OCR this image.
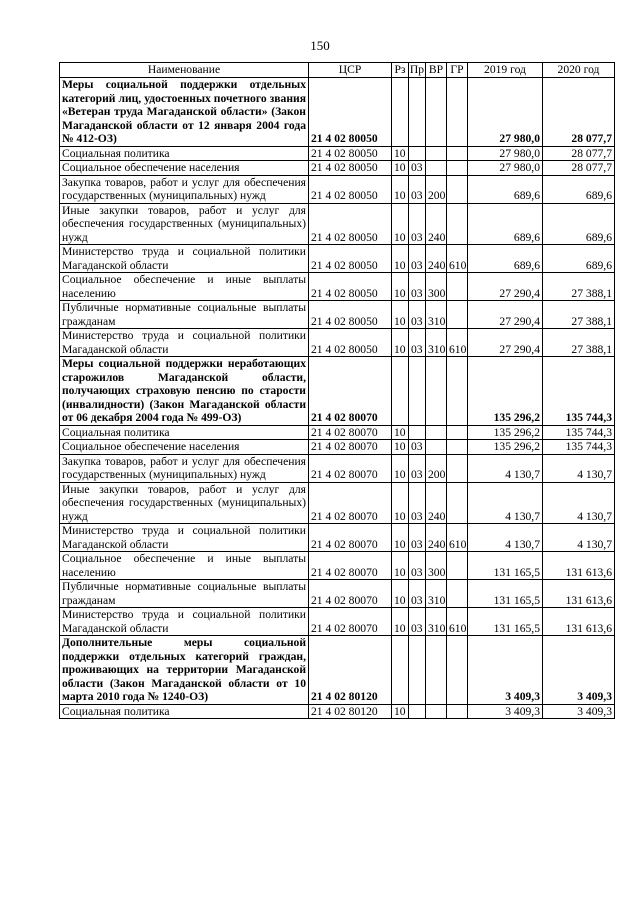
150
Наименование	ЦСР	Рз	Пр	ВР	ГР	2019 год	2020 год
Меры социальной поддержки отдельных категорий лиц, удостоенных почетного звания «Ветеран труда Магаданской области» (Закон Магаданской области от 12 января 2004 года № 412-ОЗ)	21 4 02 80050					27 980,0	28 077,7
Социальная политика	21 4 02 80050	10				27 980,0	28 077,7
Социальное обеспечение населения	21 4 02 80050	10	03			27 980,0	28 077,7
Закупка товаров, работ и услуг для обеспечения государственных (муниципальных) нужд	21 4 02 80050	10	03	200		689,6	689,6
Иные закупки товаров, работ и услуг для обеспечения государственных (муниципальных) нужд	21 4 02 80050	10	03	240		689,6	689,6
Министерство труда и социальной политики Магаданской области	21 4 02 80050	10	03	240	610	689,6	689,6
Социальное обеспечение и иные выплаты населению	21 4 02 80050	10	03	300		27 290,4	27 388,1
Публичные нормативные социальные выплаты гражданам	21 4 02 80050	10	03	310		27 290,4	27 388,1
Министерство труда и социальной политики Магаданской области	21 4 02 80050	10	03	310	610	27 290,4	27 388,1
Меры социальной поддержки неработающих старожилов Магаданской области, получающих страховую пенсию по старости (инвалидности) (Закон Магаданской области от 06 декабря 2004 года № 499-ОЗ)	21 4 02 80070					135 296,2	135 744,3
Социальная политика	21 4 02 80070	10				135 296,2	135 744,3
Социальное обеспечение населения	21 4 02 80070	10	03			135 296,2	135 744,3
Закупка товаров, работ и услуг для обеспечения государственных (муниципальных) нужд	21 4 02 80070	10	03	200		4 130,7	4 130,7
Иные закупки товаров, работ и услуг для обеспечения государственных (муниципальных) нужд	21 4 02 80070	10	03	240		4 130,7	4 130,7
Министерство труда и социальной политики Магаданской области	21 4 02 80070	10	03	240	610	4 130,7	4 130,7
Социальное обеспечение и иные выплаты населению	21 4 02 80070	10	03	300		131 165,5	131 613,6
Публичные нормативные социальные выплаты гражданам	21 4 02 80070	10	03	310		131 165,5	131 613,6
Министерство труда и социальной политики Магаданской области	21 4 02 80070	10	03	310	610	131 165,5	131 613,6
Дополнительные меры социальной поддержки отдельных категорий граждан, проживающих на территории Магаданской области (Закон Магаданской области от 10 марта 2010 года № 1240-ОЗ)	21 4 02 80120					3 409,3	3 409,3
Социальная политика	21 4 02 80120	10				3 409,3	3 409,3
